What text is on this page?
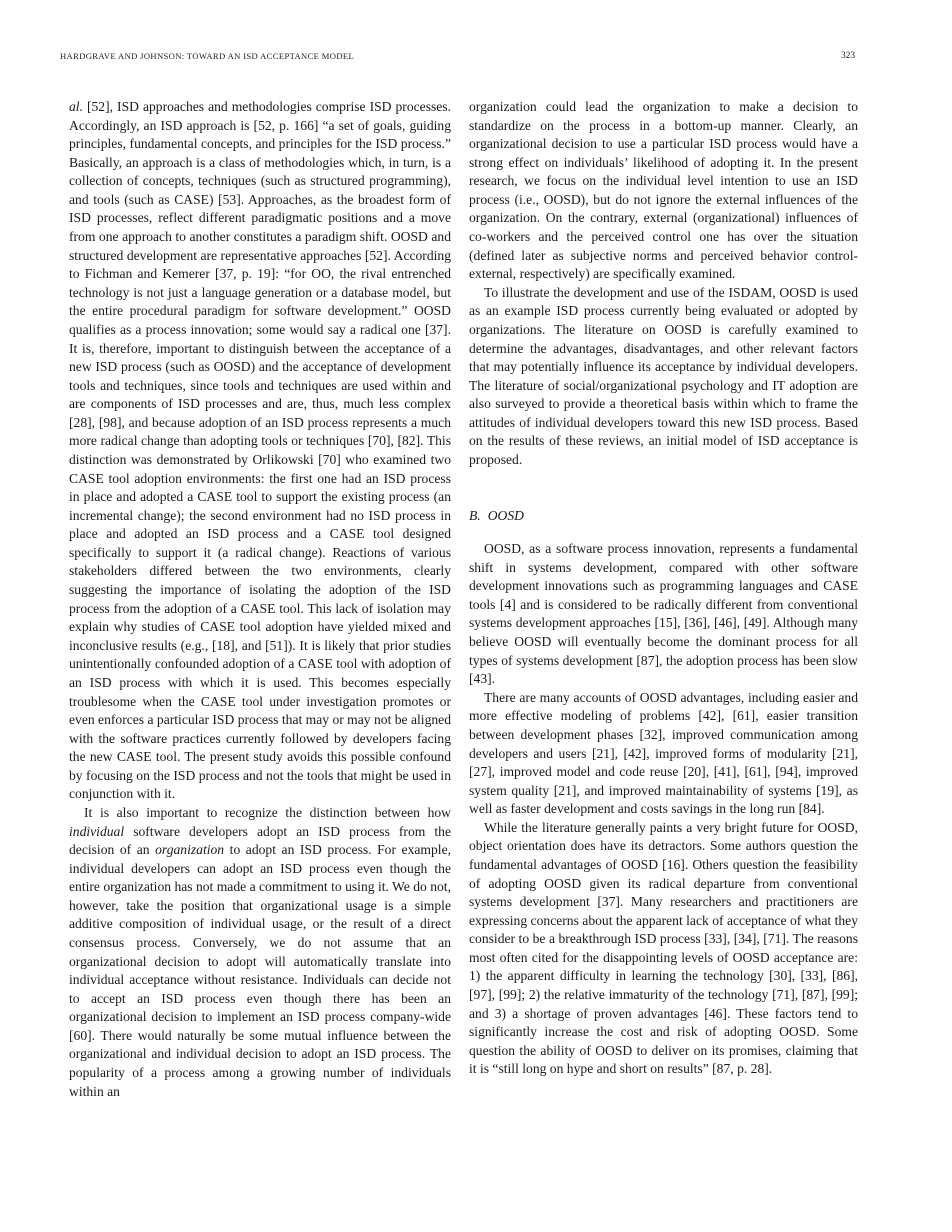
HARDGRAVE AND JOHNSON: TOWARD AN ISD ACCEPTANCE MODEL	323

al. [52], ISD approaches and methodologies comprise ISD processes. Accordingly, an ISD approach is [52, p. 166] “a set of goals, guiding principles, fundamental concepts, and principles for the ISD process.” Basically, an approach is a class of methodologies which, in turn, is a collection of concepts, techniques (such as structured programming), and tools (such as CASE) [53]. Approaches, as the broadest form of ISD processes, reflect different paradigmatic positions and a move from one approach to another constitutes a paradigm shift. OOSD and structured development are representative approaches [52]. According to Fichman and Kemerer [37, p. 19]: “for OO, the rival entrenched technology is not just a language generation or a database model, but the entire procedural paradigm for software development.” OOSD qualifies as a process innovation; some would say a radical one [37]. It is, therefore, important to distinguish between the acceptance of a new ISD process (such as OOSD) and the acceptance of development tools and techniques, since tools and techniques are used within and are components of ISD processes and are, thus, much less complex [28], [98], and because adoption of an ISD process represents a much more radical change than adopting tools or techniques [70], [82]. This distinction was demonstrated by Orlikowski [70] who examined two CASE tool adoption environments: the first one had an ISD process in place and adopted a CASE tool to support the existing process (an incremental change); the second environment had no ISD process in place and adopted an ISD process and a CASE tool designed specifically to support it (a radical change). Reactions of various stakeholders differed between the two environments, clearly suggesting the importance of isolating the adoption of the ISD process from the adoption of a CASE tool. This lack of isolation may explain why studies of CASE tool adoption have yielded mixed and inconclusive results (e.g., [18], and [51]). It is likely that prior studies unintentionally confounded adoption of a CASE tool with adoption of an ISD process with which it is used. This becomes especially troublesome when the CASE tool under investigation promotes or even enforces a particular ISD process that may or may not be aligned with the software practices currently followed by developers facing the new CASE tool. The present study avoids this possible confound by focusing on the ISD process and not the tools that might be used in conjunction with it.

It is also important to recognize the distinction between how individual software developers adopt an ISD process from the decision of an organization to adopt an ISD process. For example, individual developers can adopt an ISD process even though the entire organization has not made a commitment to using it. We do not, however, take the position that organizational usage is a simple additive composition of individual usage, or the result of a direct consensus process. Conversely, we do not assume that an organizational decision to adopt will automatically translate into individual acceptance without resistance. Individuals can decide not to accept an ISD process even though there has been an organizational decision to implement an ISD process company-wide [60]. There would naturally be some mutual influence between the organizational and individual decision to adopt an ISD process. The popularity of a process among a growing number of individuals within an

organization could lead the organization to make a decision to standardize on the process in a bottom-up manner. Clearly, an organizational decision to use a particular ISD process would have a strong effect on individuals’ likelihood of adopting it. In the present research, we focus on the individual level intention to use an ISD process (i.e., OOSD), but do not ignore the external influences of the organization. On the contrary, external (organizational) influences of co-workers and the perceived control one has over the situation (defined later as subjective norms and perceived behavior control-external, respectively) are specifically examined.

To illustrate the development and use of the ISDAM, OOSD is used as an example ISD process currently being evaluated or adopted by organizations. The literature on OOSD is carefully examined to determine the advantages, disadvantages, and other relevant factors that may potentially influence its acceptance by individual developers. The literature of social/organizational psychology and IT adoption are also surveyed to provide a theoretical basis within which to frame the attitudes of individual developers toward this new ISD process. Based on the results of these reviews, an initial model of ISD acceptance is proposed.

B. OOSD

OOSD, as a software process innovation, represents a fundamental shift in systems development, compared with other software development innovations such as programming languages and CASE tools [4] and is considered to be radically different from conventional systems development approaches [15], [36], [46], [49]. Although many believe OOSD will eventually become the dominant process for all types of systems development [87], the adoption process has been slow [43].

There are many accounts of OOSD advantages, including easier and more effective modeling of problems [42], [61], easier transition between development phases [32], improved communication among developers and users [21], [42], improved forms of modularity [21], [27], improved model and code reuse [20], [41], [61], [94], improved system quality [21], and improved maintainability of systems [19], as well as faster development and costs savings in the long run [84].

While the literature generally paints a very bright future for OOSD, object orientation does have its detractors. Some authors question the fundamental advantages of OOSD [16]. Others question the feasibility of adopting OOSD given its radical departure from conventional systems development [37]. Many researchers and practitioners are expressing concerns about the apparent lack of acceptance of what they consider to be a breakthrough ISD process [33], [34], [71]. The reasons most often cited for the disappointing levels of OOSD acceptance are: 1) the apparent difficulty in learning the technology [30], [33], [86], [97], [99]; 2) the relative immaturity of the technology [71], [87], [99]; and 3) a shortage of proven advantages [46]. These factors tend to significantly increase the cost and risk of adopting OOSD. Some question the ability of OOSD to deliver on its promises, claiming that it is “still long on hype and short on results” [87, p. 28].
